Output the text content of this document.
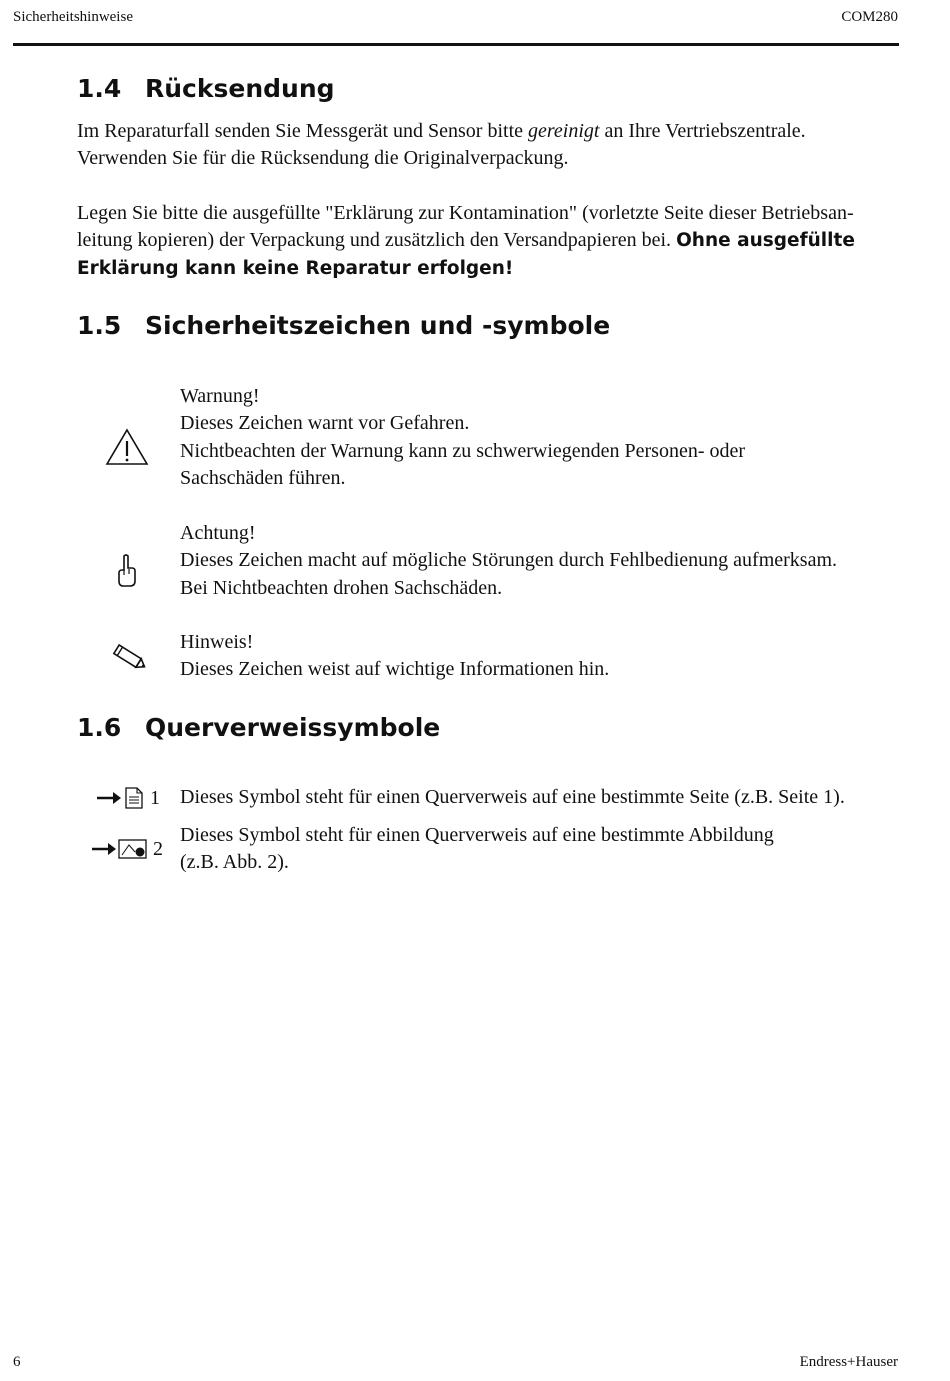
Sicherheitshinweise	COM280
1.4 Rücksendung
Im Reparaturfall senden Sie Messgerät und Sensor bitte gereinigt an Ihre Vertriebszentrale.
Verwenden Sie für die Rücksendung die Originalverpackung.
Legen Sie bitte die ausgefüllte "Erklärung zur Kontamination" (vorletzte Seite dieser Betriebsan-
leitung kopieren) der Verpackung und zusätzlich den Versandpapieren bei. Ohne ausgefüllte
Erklärung kann keine Reparatur erfolgen!
1.5 Sicherheitszeichen und -symbole
Warnung!
Dieses Zeichen warnt vor Gefahren.
Nichtbeachten der Warnung kann zu schwerwiegenden Personen- oder
Sachschäden führen.
Achtung!
Dieses Zeichen macht auf mögliche Störungen durch Fehlbedienung aufmerksam.
Bei Nichtbeachten drohen Sachschäden.
Hinweis!
Dieses Zeichen weist auf wichtige Informationen hin.
1.6 Querverweissymbole
1 Dieses Symbol steht für einen Querverweis auf eine bestimmte Seite (z.B. Seite 1).
2
Dieses Symbol steht für einen Querverweis auf eine bestimmte Abbildung
(z.B. Abb. 2).
6	Endress+Hauser
